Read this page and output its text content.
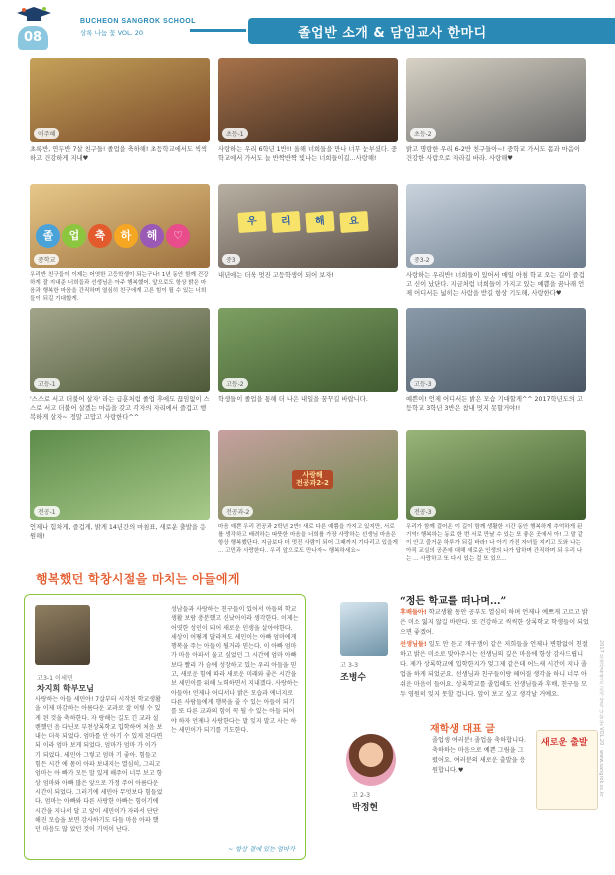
08
BUCHEON SANGROK SCHOOL
상록 나눔 꽃 VOL. 20	졸업반 소개 & 담임교사 한마디
이주혜
초록반, 연두반 7살 친구들! 졸업을 축하해! 초등학교에서도 씩씩하고 건강하게 지내♥
초등-1
사랑하는 우리 6학년 1반!! 올해 너희들을 만나 너무 눈부셨다. 중학교에서 가서도 늘 반짝반짝 빛나는 너희들이길...사랑해!
초등-2
밝고 명랑한 우리 6-2반 친구들아~! 중학교 가서도 몸과 마음이 건강한 사람으로 자라길 바라. 사랑해♥
중학교
졸	업	축	하	해	♡
우리반 친구들이 이제는 어엿한 고등학생이 되는구나! 1년 동안 함께 건강하게 잘 지내준 너희들과 선생님은 아주 행복했어. 앞으로도 항상 밝은 마음과 행복한 마음을 간직하며 열심히 친구에게 고른 힘이 될 수 있는 너희들이 되길 기대할게.
중3
우	리	해	요
내년에는 더욱 멋진 고등학생이 되어 보자!
중3-2
사랑하는 우리반! 너희들이 있어서 매일 아침 학교 오는 길이 즐겁고 신이 났단다. 지금처럼 너희들이 가지고 있는 예쁨을 꿈나래 언제 어디서든 넓히는 사람을 받길 항상 기도해, 사랑한다♥
고등-1
'스스로 서고 더불어 살자' 라는 급훈처럼 졸업 후에도 끊임없이 스스로 서고 더불어 살겠는 마음을 갖고 각자의 자리에서 즐겁고 행복하게 살자~ 정말 고맙고 사랑한다^^
고등-2
학생들이 졸업을 통해 더 나은 내일을 꿈꾸길 바랍니다.
고등-3
예쁜이! 언제 어디서든 밝은 모습 기대할게^^ 2017학년도의 고등학교 3학년 3반은 참내 멋지 못할거야!!
전공-1
언제나 힘차게, 즐겁게, 밝게 14년간의 마침표, 새로운 출발을 응원해!
전공과-2
사랑해
전공과2-2
마음 예쁜 우리 전공과 2학년 2반! 새로 다른 예쁨을 가지고 있지만, 서로를 생각하고 배려하는 따뜻한 마음을 너희를 가장 사랑하는 선생님 마음은 항상 행복했단다. 지금보다 더 멋진 사람이 되어 그때까지 기다리고 있을게 ... 고민과 사랑한다.. 우리 앞으로도 만나자~ 행복하세요~
전공-3
우리가 함께 걸어온 이 길이 함께 생활한 시간 동안 행복하게 추억하게 된 기억! 행복하는 동료 한 번 서로 만날 수 있는 또 좋은 곳에서 아! 그 말 같이 안고 즐거운 하루가 되길 바라! 나 아기 가진 자녀들 지키고 도와 나는 아직 교실의 공존에 대해 새로운 인생의 나가 답하며 간직하며 되 우리 나는 ... 사랑하고 또 다시 있는 걸 또 있으...
행복했던 학창시절을 마치는 아들에게
고3-1 이세민
차지희 학부모님
사랑하는 아들 세민아! 7살부터 시작된 학교생활을 이제 마감하는 아름다운 교과로 잘 이렇 수 있게 된 것을 축하한다. 자 랑해는 길도 긴 교과 설렌했던 음 다닌로 부천상록학교 입학하여 처음 보내는 더욱 되었다. 엄마를 안 아기 수 있게 된다면 되 이라 엄마 보게 되었다. 엄마가 엄마 가 이가 기 되었다. 세민아 그렇고 엄마 기 좋아. 힘들고 힘든 시간 에 몸이 아파 보내지는 열심히, 그리고 엄마는 아 빠가 모든 말 있게 해주어 너무 보고 항상 엄마와 아빠 많은 앞으로 가정 주어 아름다운 시간이 되었다. 그러기에 세민아 무엇보다 힘들었다. 엄마는 아빠와 다른 사랑한 아빠는 힘이기에 시간을 지나서 달 고 앞이 세민이가 자라서 단단해진 모습을 보면 감사하기도 다들 마음 아파 했던 마음도 많 았던 것이 기억이 난다.
성남들과 사랑하는 친구들이 있어서 아들의 학교생활 보람 충분했고 신났어이라 생각한다. 이제는 어엿한 성인이 되어 새로운 인생을 살아야한다. 세상이 어떻게 달라져도 세민이는 아빠 엄마에게 행복을 주는 아들이 될거라 믿는다. 이 아빠 엄마가 마음 아파서 울고 싶었던 그 시간에 엄마 아빠보다 빨리 가 슴에 성장하고 있는 우리 아들을 믿고, 새로운 힘에 따라 새로운 미래와 좋은 시간을 보 세민이를 위해 노력하면서 지내겠다. 사랑하는 아들아! 언제나 어디서나 밝은 모습과 에너지로 다른 사람들에게 행복을 줄 수 있는 아들이 되기를 또 다른 교과의 힘이 꼭 될 수 있는 아들 되어야 하자 언제나 사랑한다는 말 잊지 말고 사는 하는 세민이가 되기를 기도한다.
~ 항상 곁에 있는 엄마가
“정든 학교를 떠나며...”
고 3-3
조병수
후배들아! 학교생활 동안 공부도 열심히 하며 언제나 예쁘게 고르고 밝은 미소 잃지 않길 바란다. 또 건강하고 씩씩한 상록학교 학생들이 되었으면 좋겠어.
선생님들! 일도 안 듣고 개구쟁이 같은 저희들을 언제나 변함없이 친절하고 밝은 미소로 맞아주시는 선생님의 깊은 마음에 항상 감사드립니다. 제가 상록학교에 입학한지가 엊그제 같은데 어느새 시간이 지나 졸업을 하게 되었군요. 선생님과 친구들이랑 헤어질 생각을 하니 너무 아쉬운 마음이 들어요. 상록학교를 졸업해도 선생님들과 후배, 친구들 모두 영원히 잊지 못할 겁니다. 앞이 보고 싶고 생각날 거예요.
재학생 대표 글
고 2-3
박정현
졸업생 여러분! 졸업을 축하합니다. 축하하는 마음으로 예쁜 그림을 그렸어요. 여러분의 새로운 출발을 응원합니다.♥
새로운 출발 2017 부천상록학교 교지 상록 나눔 꽃 VOL.20 · www.sangrok.sc.kr
